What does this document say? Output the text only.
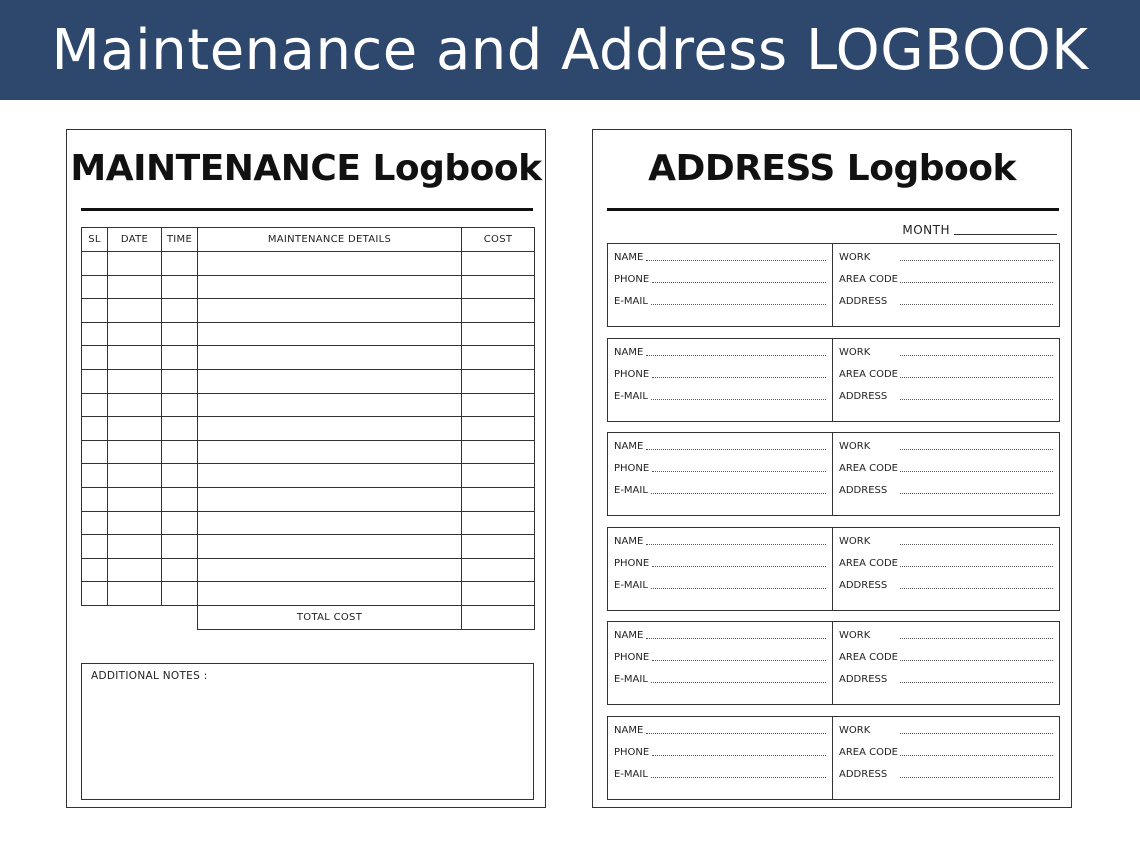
Maintenance and Address LOGBOOK
MAINTENANCE Logbook
SL	DATE	TIME	MAINTENANCE DETAILS	COST

			TOTAL COST	
ADDITIONAL NOTES :
ADDRESS Logbook
MONTH
NAME
PHONE
E-MAIL
WORK
AREA CODE
ADDRESS
NAME
PHONE
E-MAIL
WORK
AREA CODE
ADDRESS
NAME
PHONE
E-MAIL
WORK
AREA CODE
ADDRESS
NAME
PHONE
E-MAIL
WORK
AREA CODE
ADDRESS
NAME
PHONE
E-MAIL
WORK
AREA CODE
ADDRESS
NAME
PHONE
E-MAIL
WORK
AREA CODE
ADDRESS
